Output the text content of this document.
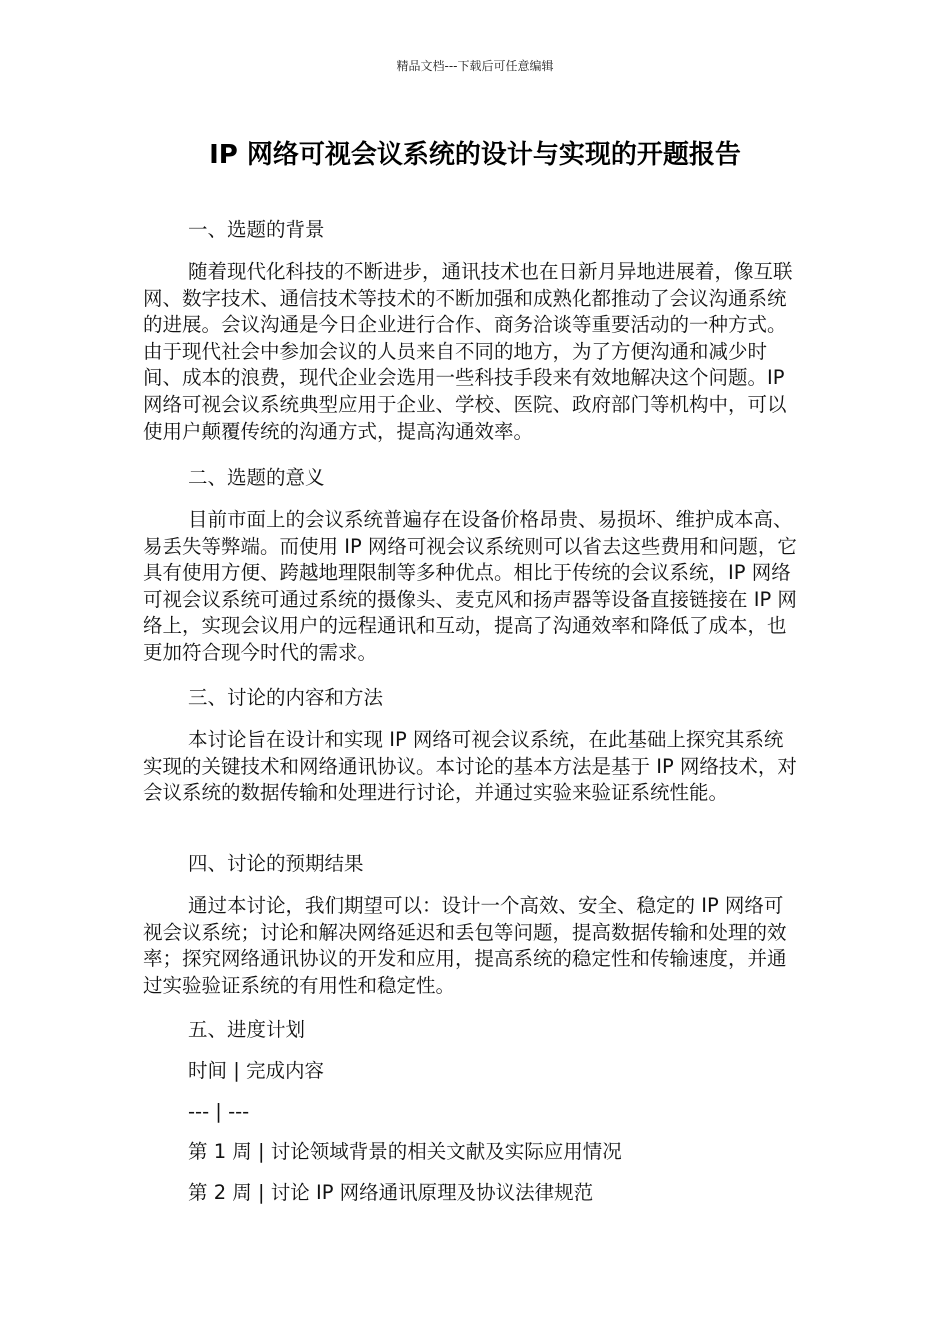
精品文档---下载后可任意编辑
IP 网络可视会议系统的设计与实现的开题报告

一、选题的背景

随着现代化科技的不断进步，通讯技术也在日新月异地进展着，像互联网、数字技术、通信技术等技术的不断加强和成熟化都推动了会议沟通系统的进展。会议沟通是今日企业进行合作、商务洽谈等重要活动的一种方式。由于现代社会中参加会议的人员来自不同的地方，为了方便沟通和减少时间、成本的浪费，现代企业会选用一些科技手段来有效地解决这个问题。IP 网络可视会议系统典型应用于企业、学校、医院、政府部门等机构中，可以使用户颠覆传统的沟通方式，提高沟通效率。

二、选题的意义

目前市面上的会议系统普遍存在设备价格昂贵、易损坏、维护成本高、易丢失等弊端。而使用 IP 网络可视会议系统则可以省去这些费用和问题，它具有使用方便、跨越地理限制等多种优点。相比于传统的会议系统，IP 网络可视会议系统可通过系统的摄像头、麦克风和扬声器等设备直接链接在 IP 网络上，实现会议用户的远程通讯和互动，提高了沟通效率和降低了成本，也更加符合现今时代的需求。

三、讨论的内容和方法

本讨论旨在设计和实现 IP 网络可视会议系统，在此基础上探究其系统实现的关键技术和网络通讯协议。本讨论的基本方法是基于 IP 网络技术，对会议系统的数据传输和处理进行讨论，并通过实验来验证系统性能。

四、讨论的预期结果

通过本讨论，我们期望可以：设计一个高效、安全、稳定的 IP 网络可视会议系统；讨论和解决网络延迟和丢包等问题，提高数据传输和处理的效率；探究网络通讯协议的开发和应用，提高系统的稳定性和传输速度，并通过实验验证系统的有用性和稳定性。

五、进度计划

时间 | 完成内容

--- | ---

第 1 周 | 讨论领域背景的相关文献及实际应用情况

第 2 周 | 讨论 IP 网络通讯原理及协议法律规范
